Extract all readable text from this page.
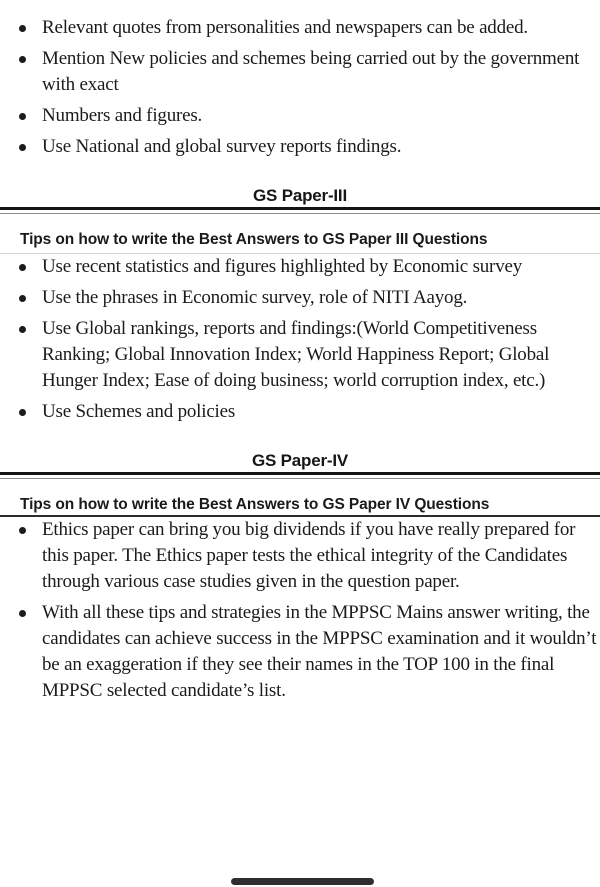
Relevant quotes from personalities and newspapers can be added.
Mention New policies and schemes being carried out by the government with exact
Numbers and figures.
Use National and global survey reports findings.
GS Paper-III
Tips on how to write the Best Answers to GS Paper III Questions
Use recent statistics and figures highlighted by Economic survey
Use the phrases in Economic survey, role of NITI Aayog.
Use Global rankings, reports and findings:(World Competitiveness Ranking; Global Innovation Index; World Happiness Report; Global Hunger Index; Ease of doing business; world corruption index, etc.)
Use Schemes and policies
GS Paper-IV
Tips on how to write the Best Answers to GS Paper IV Questions
Ethics paper can bring you big dividends if you have really prepared for this paper. The Ethics paper tests the ethical integrity of the Candidates through various case studies given in the question paper.
With all these tips and strategies in the MPPSC Mains answer writing, the candidates can achieve success in the MPPSC examination and it wouldn’t be an exaggeration if they see their names in the TOP 100 in the final MPPSC selected candidate’s list.
